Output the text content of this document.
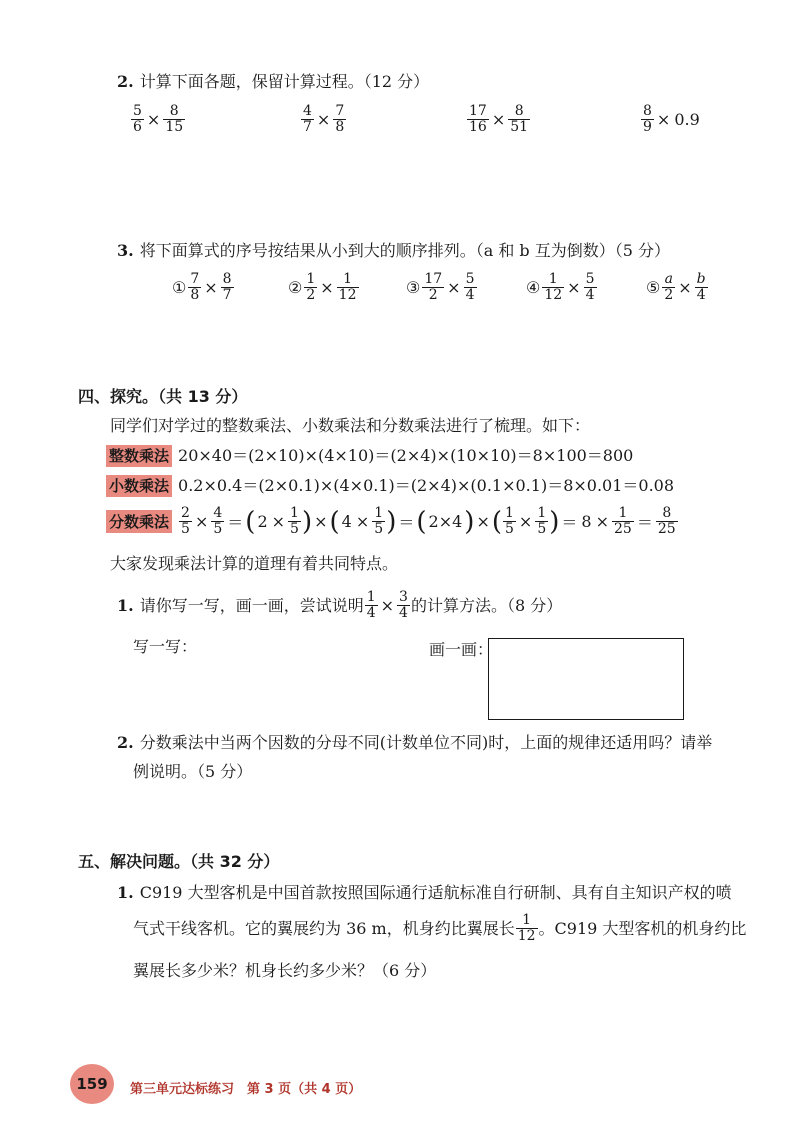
2. 计算下面各题，保留计算过程。（12 分）
$\frac{5}{6} \times \frac{8}{15}$	$\frac{4}{7} \times \frac{7}{8}$	$\frac{17}{16} \times \frac{8}{51}$	$\frac{8}{9} \times 0.9$
3. 将下面算式的序号按结果从小到大的顺序排列。（a 和 b 互为倒数）（5 分）
① $\frac{7}{8} \times \frac{8}{7}$	② $\frac{1}{2} \times \frac{1}{12}$	③ $\frac{17}{2} \times \frac{5}{4}$	④ $\frac{1}{12} \times \frac{5}{4}$	⑤ $\frac{a}{2} \times \frac{b}{4}$
四、探究。（共 13 分）
同学们对学过的整数乘法、小数乘法和分数乘法进行了梳理。如下：
整数乘法 20×40＝(2×10)×(4×10)＝(2×4)×(10×10)＝8×100＝800
小数乘法 0.2×0.4＝(2×0.1)×(4×0.1)＝(2×4)×(0.1×0.1)＝8×0.01＝0.08
分数乘法 $\frac{2}{5} \times \frac{4}{5}$ ＝ ( $2 \times \frac{1}{5}$ ) × ( $4 \times \frac{1}{5}$ ) ＝ ( 2×4 ) × ( $\frac{1}{5} \times \frac{1}{5}$ ) ＝ $8 \times \frac{1}{25} = \frac{8}{25}$
大家发现乘法计算的道理有着共同特点。
1. 请你写一写，画一画，尝试说明 $\frac{1}{4} \times \frac{3}{4}$ 的计算方法。（8 分）
写一写：	画一画：
2. 分数乘法中当两个因数的分母不同(计数单位不同)时，上面的规律还适用吗？请举
例说明。（5 分）
五、解决问题。（共 32 分）
1. C919 大型客机是中国首款按照国际通行适航标准自行研制、具有自主知识产权的喷
气式干线客机。它的翼展约为 36 m，机身约比翼展长 $\frac{1}{12}$ 。C919 大型客机的机身约比
翼展长多少米？机身长约多少米？（6 分）
159 第三单元达标练习　第 3 页（共 4 页）
